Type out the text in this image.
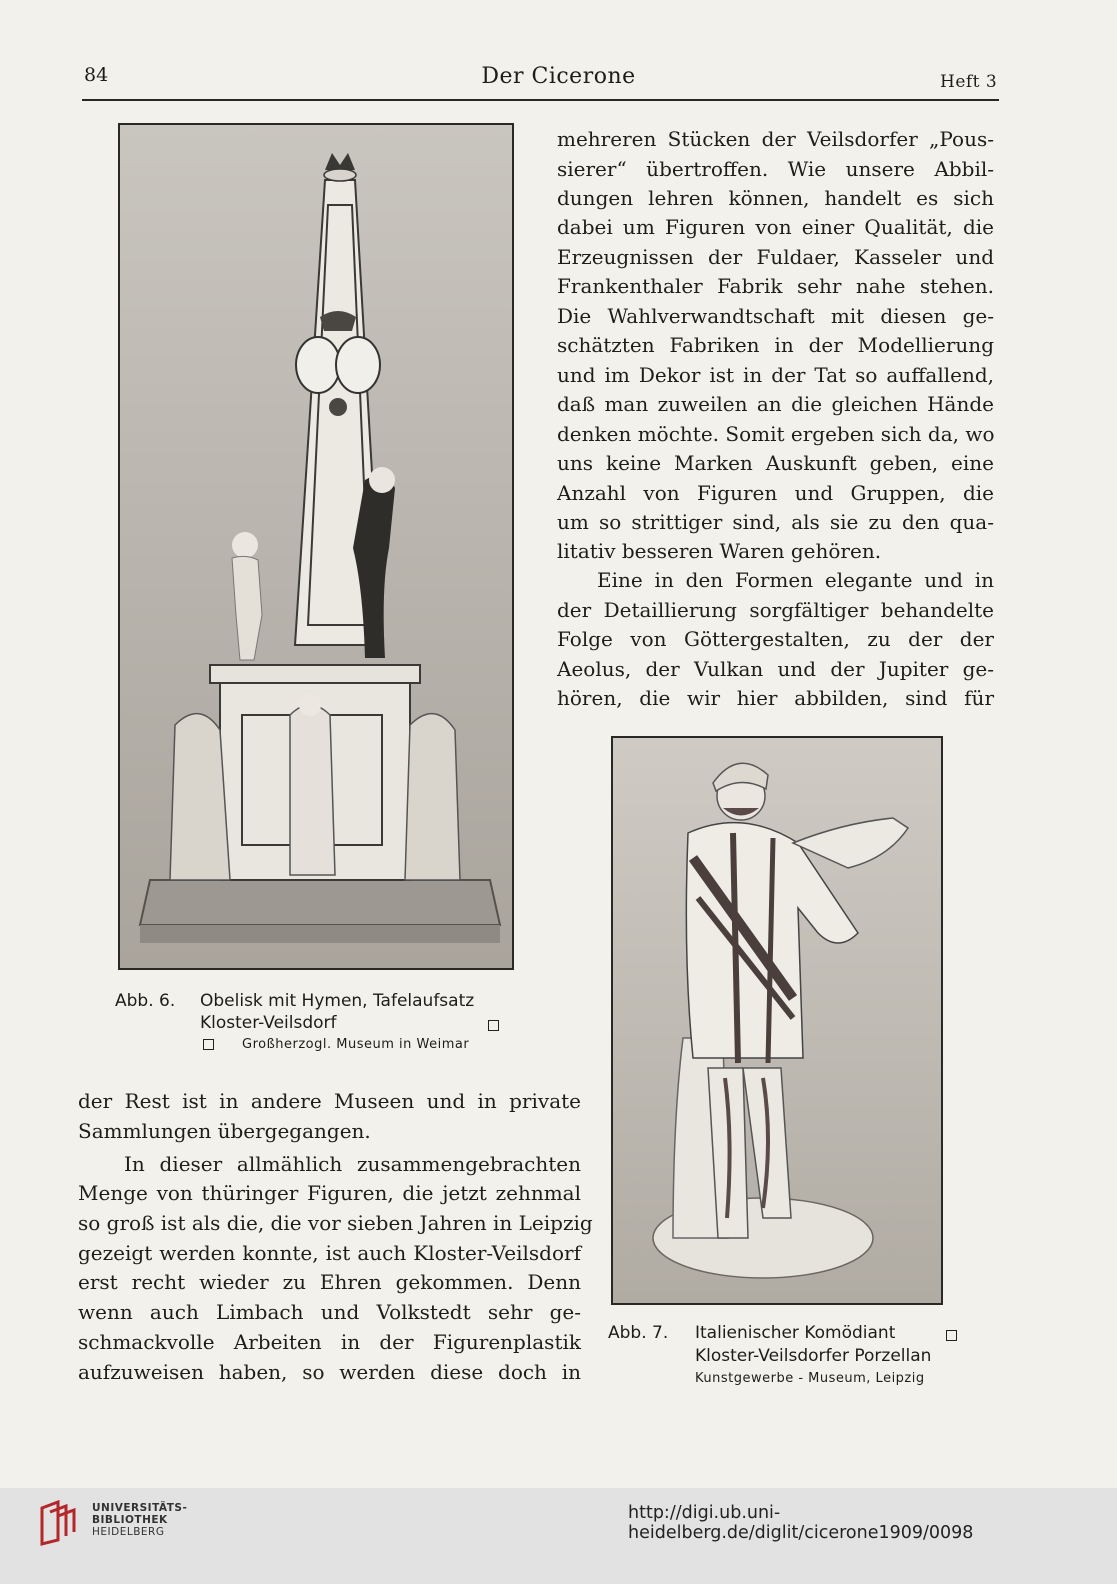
84	Der Cicerone	Heft 3
Abb. 6. Obelisk mit Hymen, Tafelaufsatz
Kloster-Veilsdorf
Großherzogl. Museum in Weimar
mehreren Stücken der Veilsdorfer „Pous-
sierer“ übertroffen. Wie unsere Abbil-
dungen lehren können, handelt es sich
dabei um Figuren von einer Qualität, die
Erzeugnissen der Fuldaer, Kasseler und
Frankenthaler Fabrik sehr nahe stehen.
Die Wahlverwandtschaft mit diesen ge-
schätzten Fabriken in der Modellierung
und im Dekor ist in der Tat so auffallend,
daß man zuweilen an die gleichen Hände
denken möchte. Somit ergeben sich da, wo
uns keine Marken Auskunft geben, eine
Anzahl von Figuren und Gruppen, die
um so strittiger sind, als sie zu den qua-
litativ besseren Waren gehören.
Eine in den Formen elegante und in
der Detaillierung sorgfältiger behandelte
Folge von Göttergestalten, zu der der
Aeolus, der Vulkan und der Jupiter ge-
hören, die wir hier abbilden, sind für
Abb. 7. Italienischer Komödiant
Kloster-Veilsdorfer Porzellan
Kunstgewerbe - Museum, Leipzig
der Rest ist in andere Museen und in private
Sammlungen übergegangen.
In dieser allmählich zusammengebrachten
Menge von thüringer Figuren, die jetzt zehnmal
so groß ist als die, die vor sieben Jahren in Leipzig
gezeigt werden konnte, ist auch Kloster-Veilsdorf
erst recht wieder zu Ehren gekommen. Denn
wenn auch Limbach und Volkstedt sehr ge-
schmackvolle Arbeiten in der Figurenplastik
aufzuweisen haben, so werden diese doch in
UNIVERSITÄTS-
BIBLIOTHEK
HEIDELBERG
http://digi.ub.uni-heidelberg.de/diglit/cicerone1909/0098
